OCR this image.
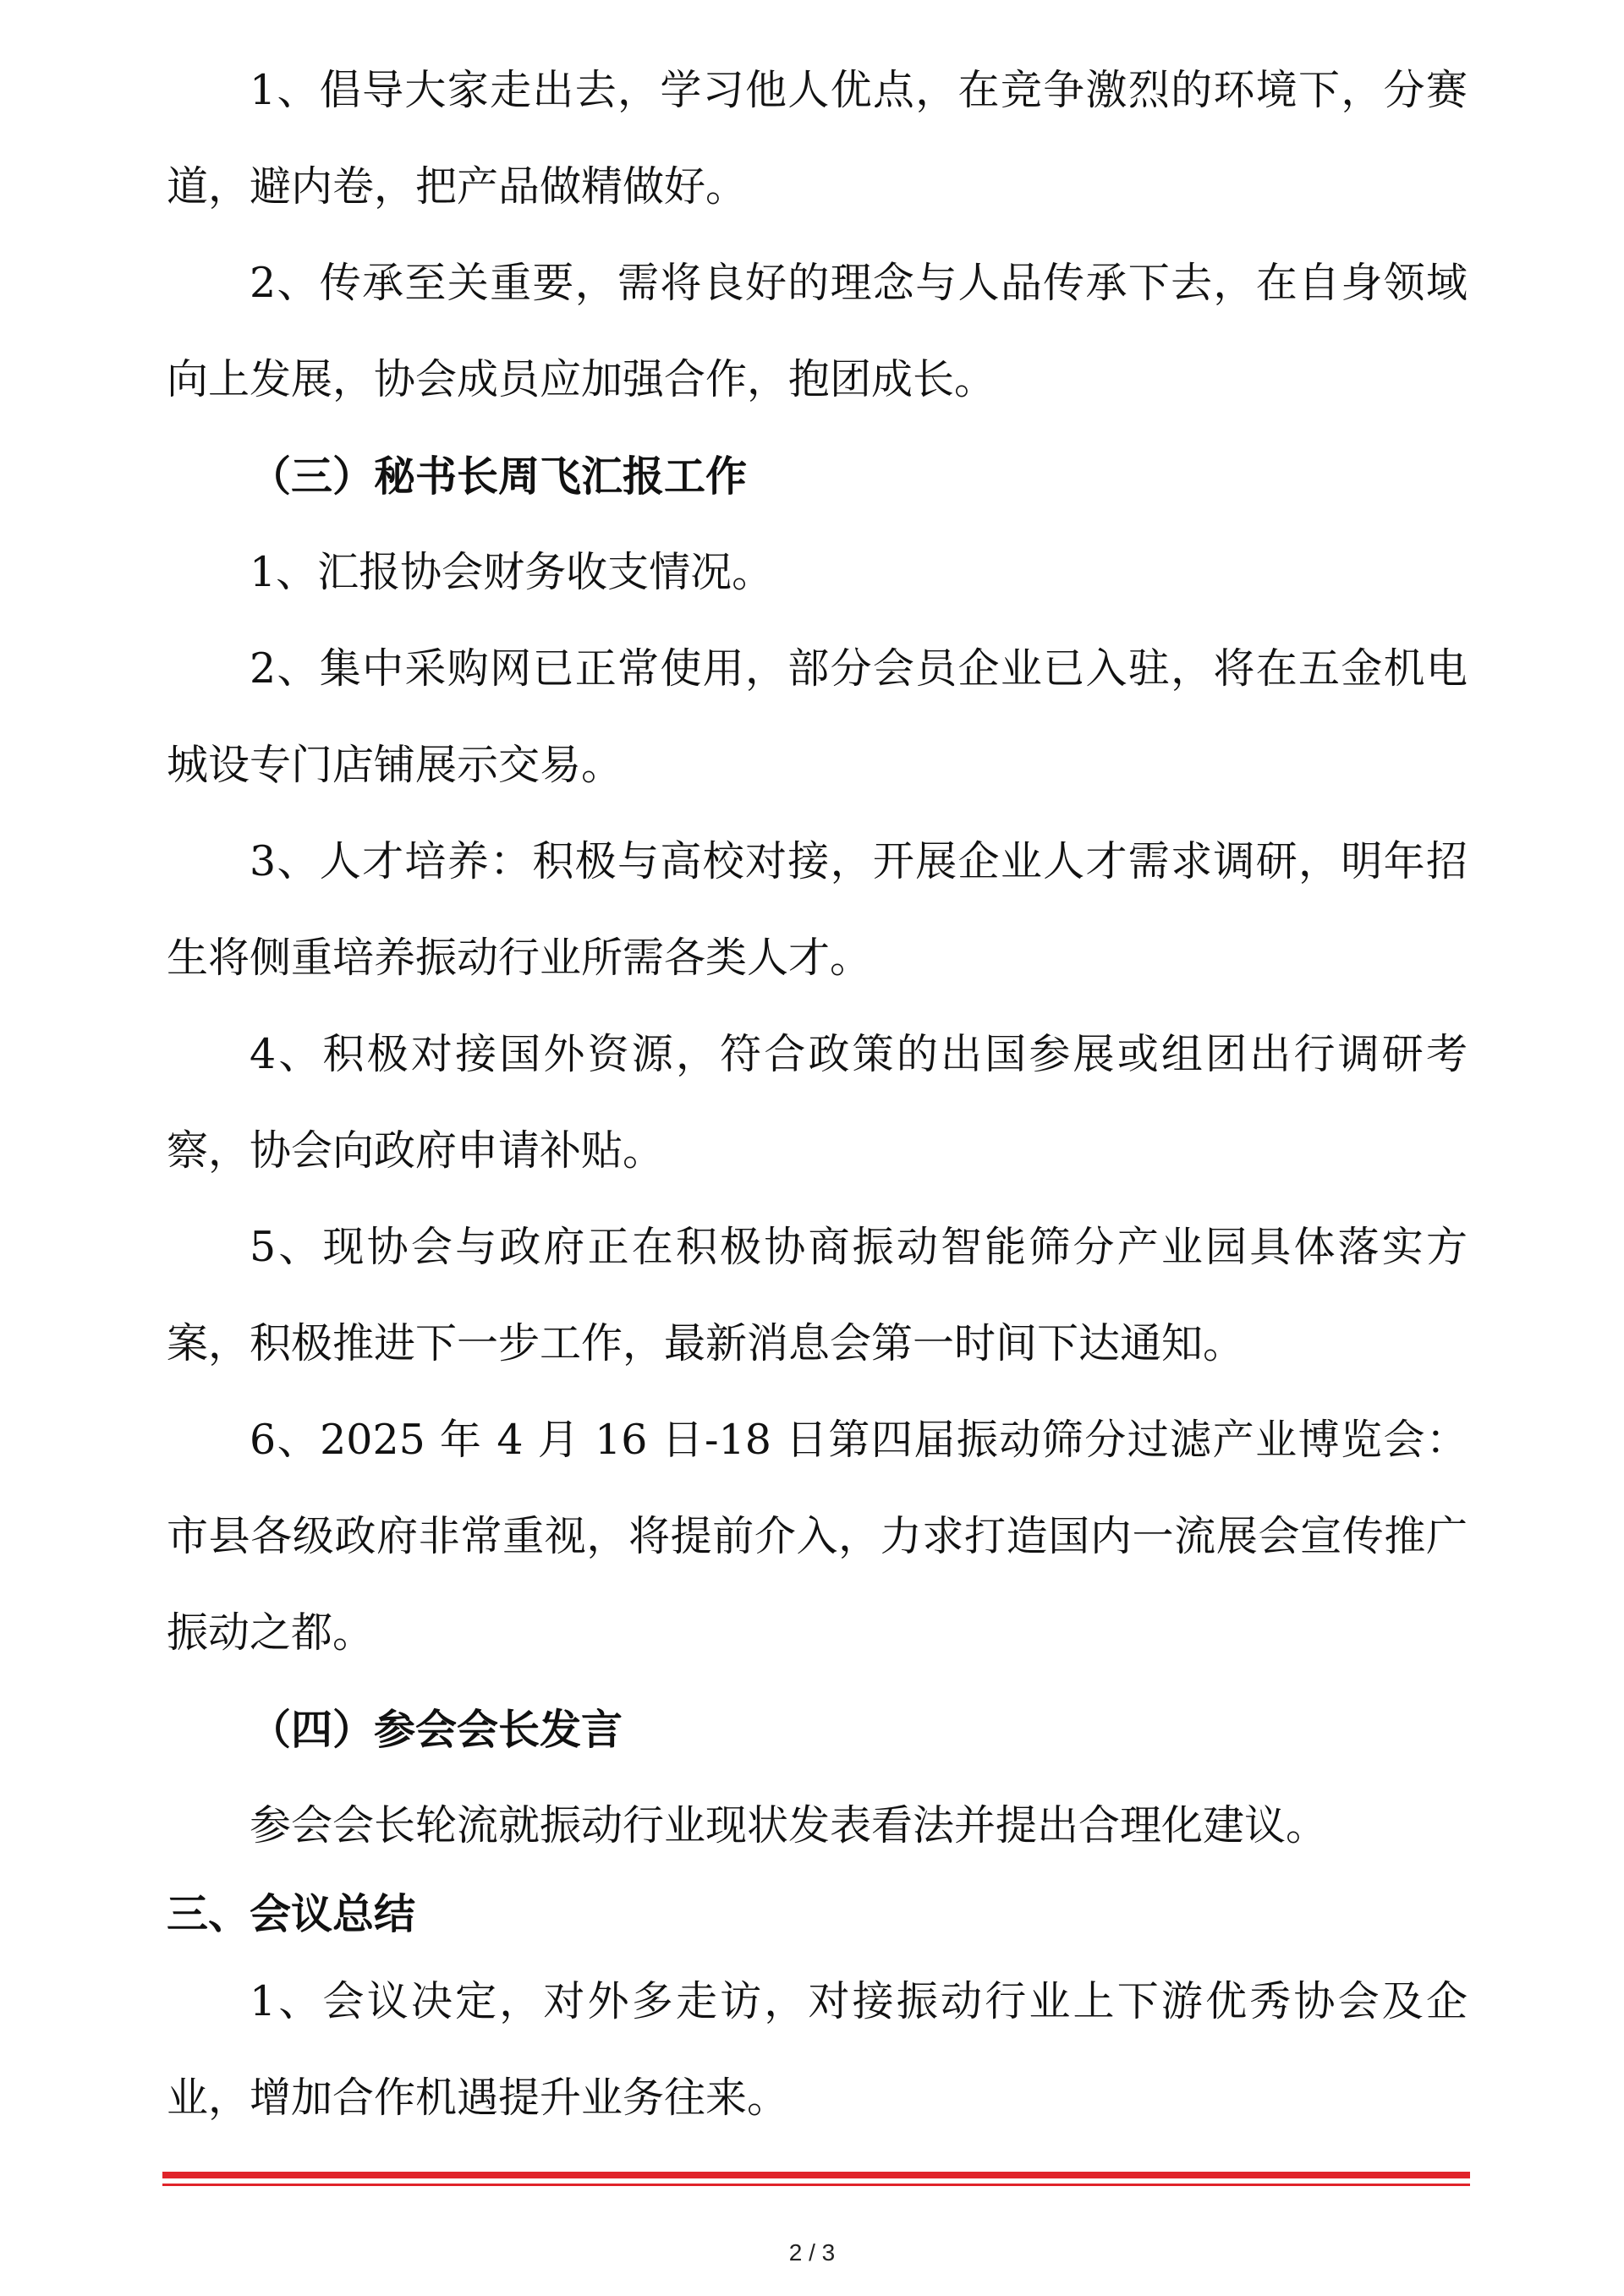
1、倡导大家走出去，学习他人优点，在竞争激烈的环境下，分赛道，避内卷，把产品做精做好。

2、传承至关重要，需将良好的理念与人品传承下去，在自身领域向上发展，协会成员应加强合作，抱团成长。

（三）秘书长周飞汇报工作

1、汇报协会财务收支情况。

2、集中采购网已正常使用，部分会员企业已入驻，将在五金机电城设专门店铺展示交易。

3、人才培养：积极与高校对接，开展企业人才需求调研，明年招生将侧重培养振动行业所需各类人才。

4、积极对接国外资源，符合政策的出国参展或组团出行调研考察，协会向政府申请补贴。

5、现协会与政府正在积极协商振动智能筛分产业园具体落实方案，积极推进下一步工作，最新消息会第一时间下达通知。

6、2025 年 4 月 16 日-18 日第四届振动筛分过滤产业博览会：市县各级政府非常重视，将提前介入，力求打造国内一流展会宣传推广振动之都。

（四）参会会长发言

参会会长轮流就振动行业现状发表看法并提出合理化建议。

三、会议总结

1、会议决定，对外多走访，对接振动行业上下游优秀协会及企业，增加合作机遇提升业务往来。

2 / 3
